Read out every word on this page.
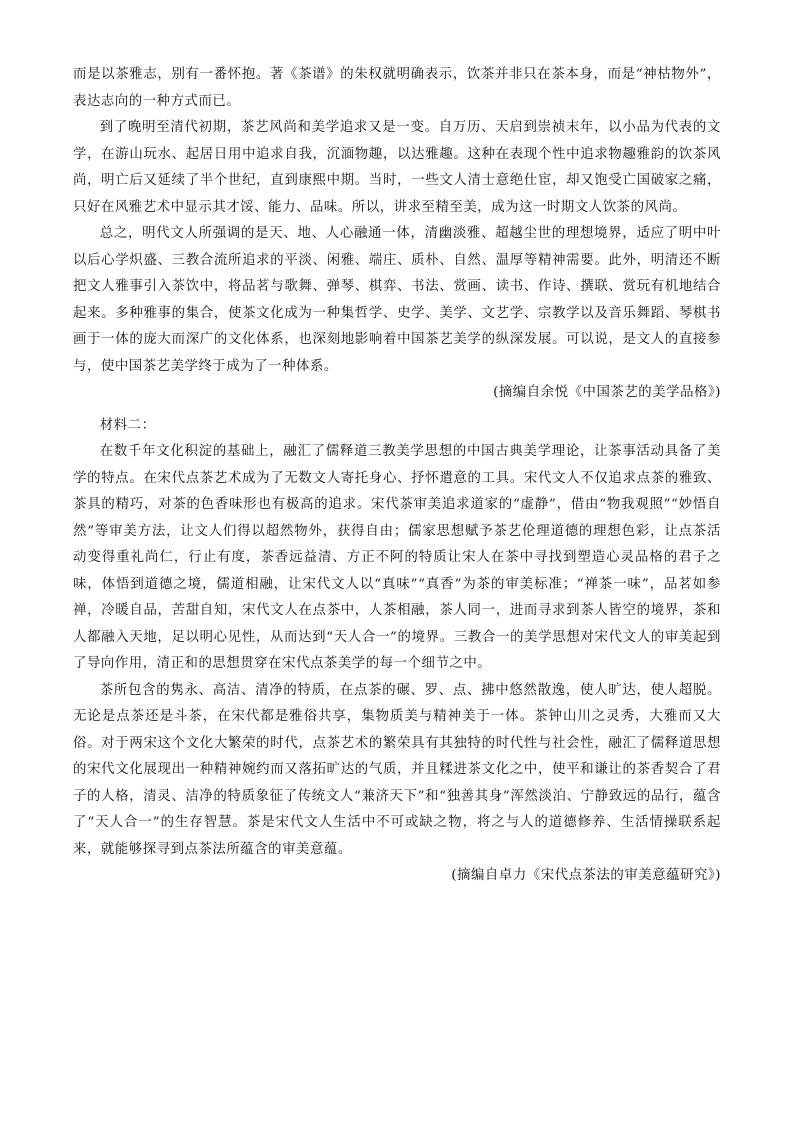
而是以茶雅志，别有一番怀抱。著《茶谱》的朱权就明确表示，饮茶并非只在茶本身，而是“神枯物外”，表达志向的一种方式而已。

到了晚明至清代初期，茶艺风尚和美学追求又是一变。自万历、天启到崇祯末年，以小品为代表的文学，在游山玩水、起居日用中追求自我，沉湎物趣，以达雅趣。这种在表现个性中追求物趣雅韵的饮茶风尚，明亡后又延续了半个世纪，直到康熙中期。当时，一些文人清士意绝仕宦，却又饱受亡国破家之痛，只好在风雅艺术中显示其才馁、能力、品味。所以，讲求至精至美，成为这一时期文人饮茶的风尚。

总之，明代文人所强调的是天、地、人心融通一体，清幽淡雅、超越尘世的理想境界，适应了明中叶以后心学炽盛、三教合流所追求的平淡、闲雅、端庄、质朴、自然、温厚等精神需要。此外，明清还不断把文人雅事引入茶饮中，将品茗与歌舞、弹琴、棋弈、书法、赏画、读书、作诗、撰联、赏玩有机地结合起来。多种雅事的集合，使茶文化成为一种集哲学、史学、美学、文艺学、宗教学以及音乐舞蹈、琴棋书画于一体的庞大而深广的文化体系，也深刻地影响着中国茶艺美学的纵深发展。可以说，是文人的直接参与，使中国茶艺美学终于成为了一种体系。

(摘编自余悦《中国茶艺的美学品格》)

材料二：

在数千年文化积淀的基础上，融汇了儒释道三教美学思想的中国古典美学理论，让茶事活动具备了美学的特点。在宋代点茶艺术成为了无数文人寄托身心、抒怀遣意的工具。宋代文人不仅追求点茶的雅致、茶具的精巧，对茶的色香味形也有极高的追求。宋代茶审美追求道家的“虚静”，借由“物我观照”“妙悟自然”等审美方法，让文人们得以超然物外，获得自由；儒家思想赋予茶艺伦理道德的理想色彩，让点茶活动变得重礼尚仁，行止有度，茶香远益清、方正不阿的特质让宋人在茶中寻找到塑造心灵品格的君子之味，体悟到道德之境，儒道相融，让宋代文人以“真味”“真香”为茶的审美标准；“禅茶一味”，品茗如参禅，冷暖自品，苦甜自知，宋代文人在点茶中，人茶相融，茶人同一，进而寻求到茶人皆空的境界，茶和人都融入天地，足以明心见性，从而达到“天人合一”的境界。三教合一的美学思想对宋代文人的审美起到了导向作用，清正和的思想贯穿在宋代点茶美学的每一个细节之中。

茶所包含的隽永、高洁、清净的特质，在点茶的碾、罗、点、拂中悠然散逸，使人旷达，使人超脱。无论是点茶还是斗茶，在宋代都是雅俗共享，集物质美与精神美于一体。茶钟山川之灵秀，大雅而又大俗。对于两宋这个文化大繁荣的时代，点茶艺术的繁荣具有其独特的时代性与社会性，融汇了儒释道思想的宋代文化展现出一种精神婉约而又落拓旷达的气质，并且糅进茶文化之中，使平和谦让的茶香契合了君子的人格，清灵、洁净的特质象征了传统文人“兼济天下”和“独善其身”浑然淡泊、宁静致远的品行，蕴含了“天人合一”的生存智慧。茶是宋代文人生活中不可或缺之物，将之与人的道德修养、生活情操联系起来，就能够探寻到点茶法所蕴含的审美意蕴。

(摘编自卓力《宋代点茶法的审美意蕴研究》)
